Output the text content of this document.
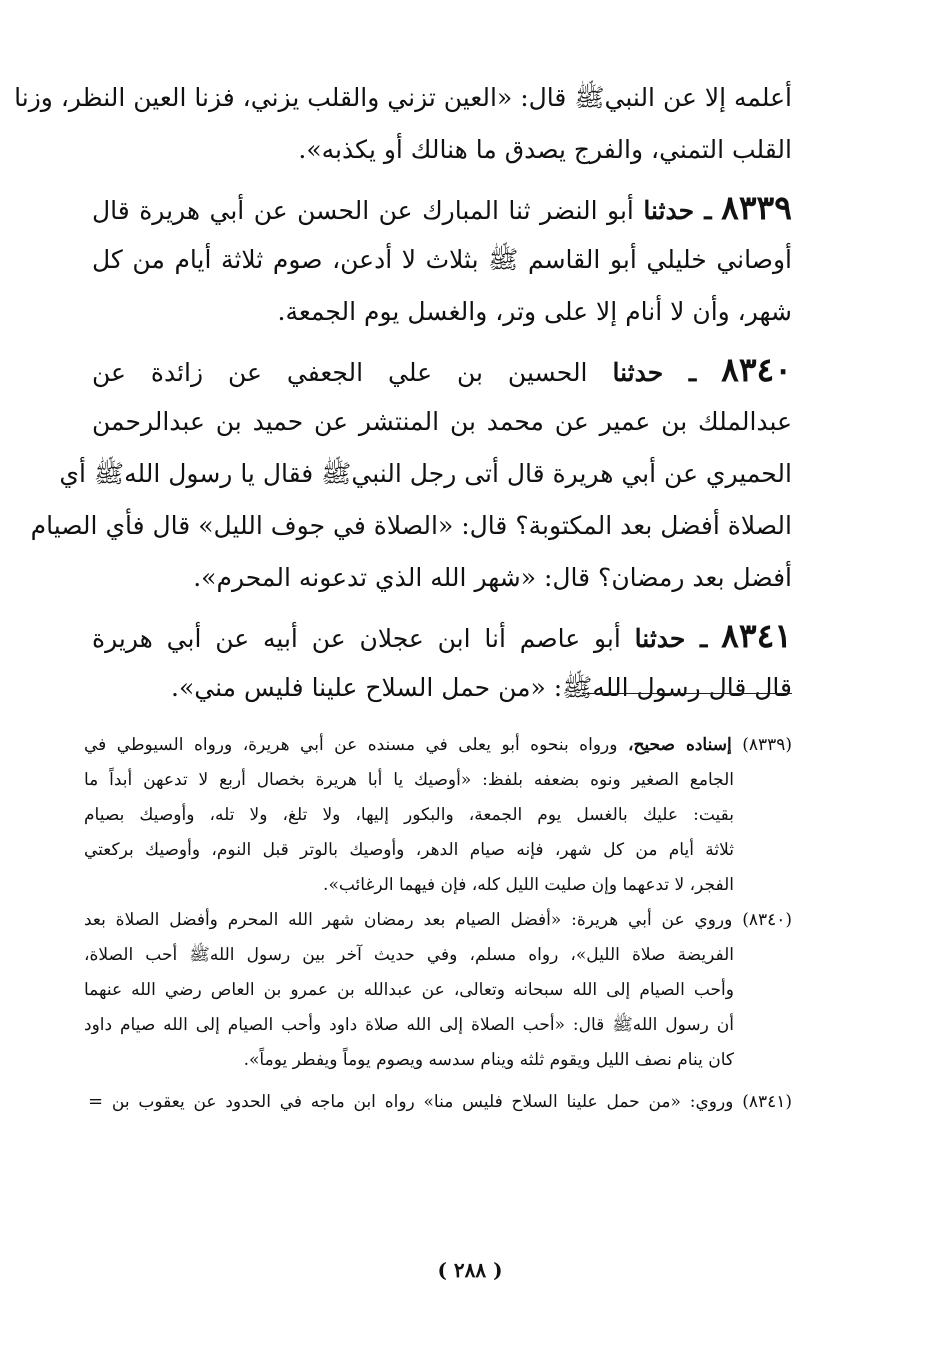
أعلمه إلا عن النبيﷺ قال: «العين تزني والقلب يزني، فزنا العين النظر، وزنا
القلب التمني، والفرج يصدق ما هنالك أو يكذبه».
٨٣٣٩ ـ حدثنا أبو النضر ثنا المبارك عن الحسن عن أبي هريرة قال
أوصاني خليلي أبو القاسم ﷺ بثلاث لا أدعن، صوم ثلاثة أيام من كل
شهر، وأن لا أنام إلا على وتر، والغسل يوم الجمعة.
٨٣٤٠ ـ حدثنا الحسين بن علي الجعفي عن زائدة عن
عبدالملك بن عمير عن محمد بن المنتشر عن حميد بن عبدالرحمن
الحميري عن أبي هريرة قال أتى رجل النبيﷺ فقال يا رسول اللهﷺ أي
الصلاة أفضل بعد المكتوبة؟ قال: «الصلاة في جوف الليل» قال فأي الصيام
أفضل بعد رمضان؟ قال: «شهر الله الذي تدعونه المحرم».
٨٣٤١ ـ حدثنا أبو عاصم أنا ابن عجلان عن أبيه عن أبي هريرة
قال قال رسول اللهﷺ: «من حمل السلاح علينا فليس مني».
(٨٣٣٩) إسناده صحيح، ورواه بنحوه أبو يعلى في مسنده عن أبي هريرة، ورواه السيوطي في
الجامع الصغير ونوه بضعفه بلفظ: «أوصيك يا أبا هريرة بخصال أربع لا تدعهن أبداً ما
بقيت: عليك بالغسل يوم الجمعة، والبكور إليها، ولا تلغ، ولا تله، وأوصيك بصيام
ثلاثة أيام من كل شهر، فإنه صيام الدهر، وأوصيك بالوتر قبل النوم، وأوصيك بركعتي
الفجر، لا تدعهما وإن صليت الليل كله، فإن فيهما الرغائب».
(٨٣٤٠) وروي عن أبي هريرة: «أفضل الصيام بعد رمضان شهر الله المحرم وأفضل الصلاة بعد
الفريضة صلاة الليل»، رواه مسلم، وفي حديث آخر بين رسول اللهﷺ أحب الصلاة،
وأحب الصيام إلى الله سبحانه وتعالى، عن عبدالله بن عمرو بن العاص رضي الله عنهما
أن رسول اللهﷺ قال: «أحب الصلاة إلى الله صلاة داود وأحب الصيام إلى الله صيام داود
كان ينام نصف الليل ويقوم ثلثه وينام سدسه ويصوم يوماً ويفطر يوماً».
(٨٣٤١) وروي: «من حمل علينا السلاح فليس منا» رواه ابن ماجه في الحدود عن يعقوب بن =
( ٢٨٨ )
